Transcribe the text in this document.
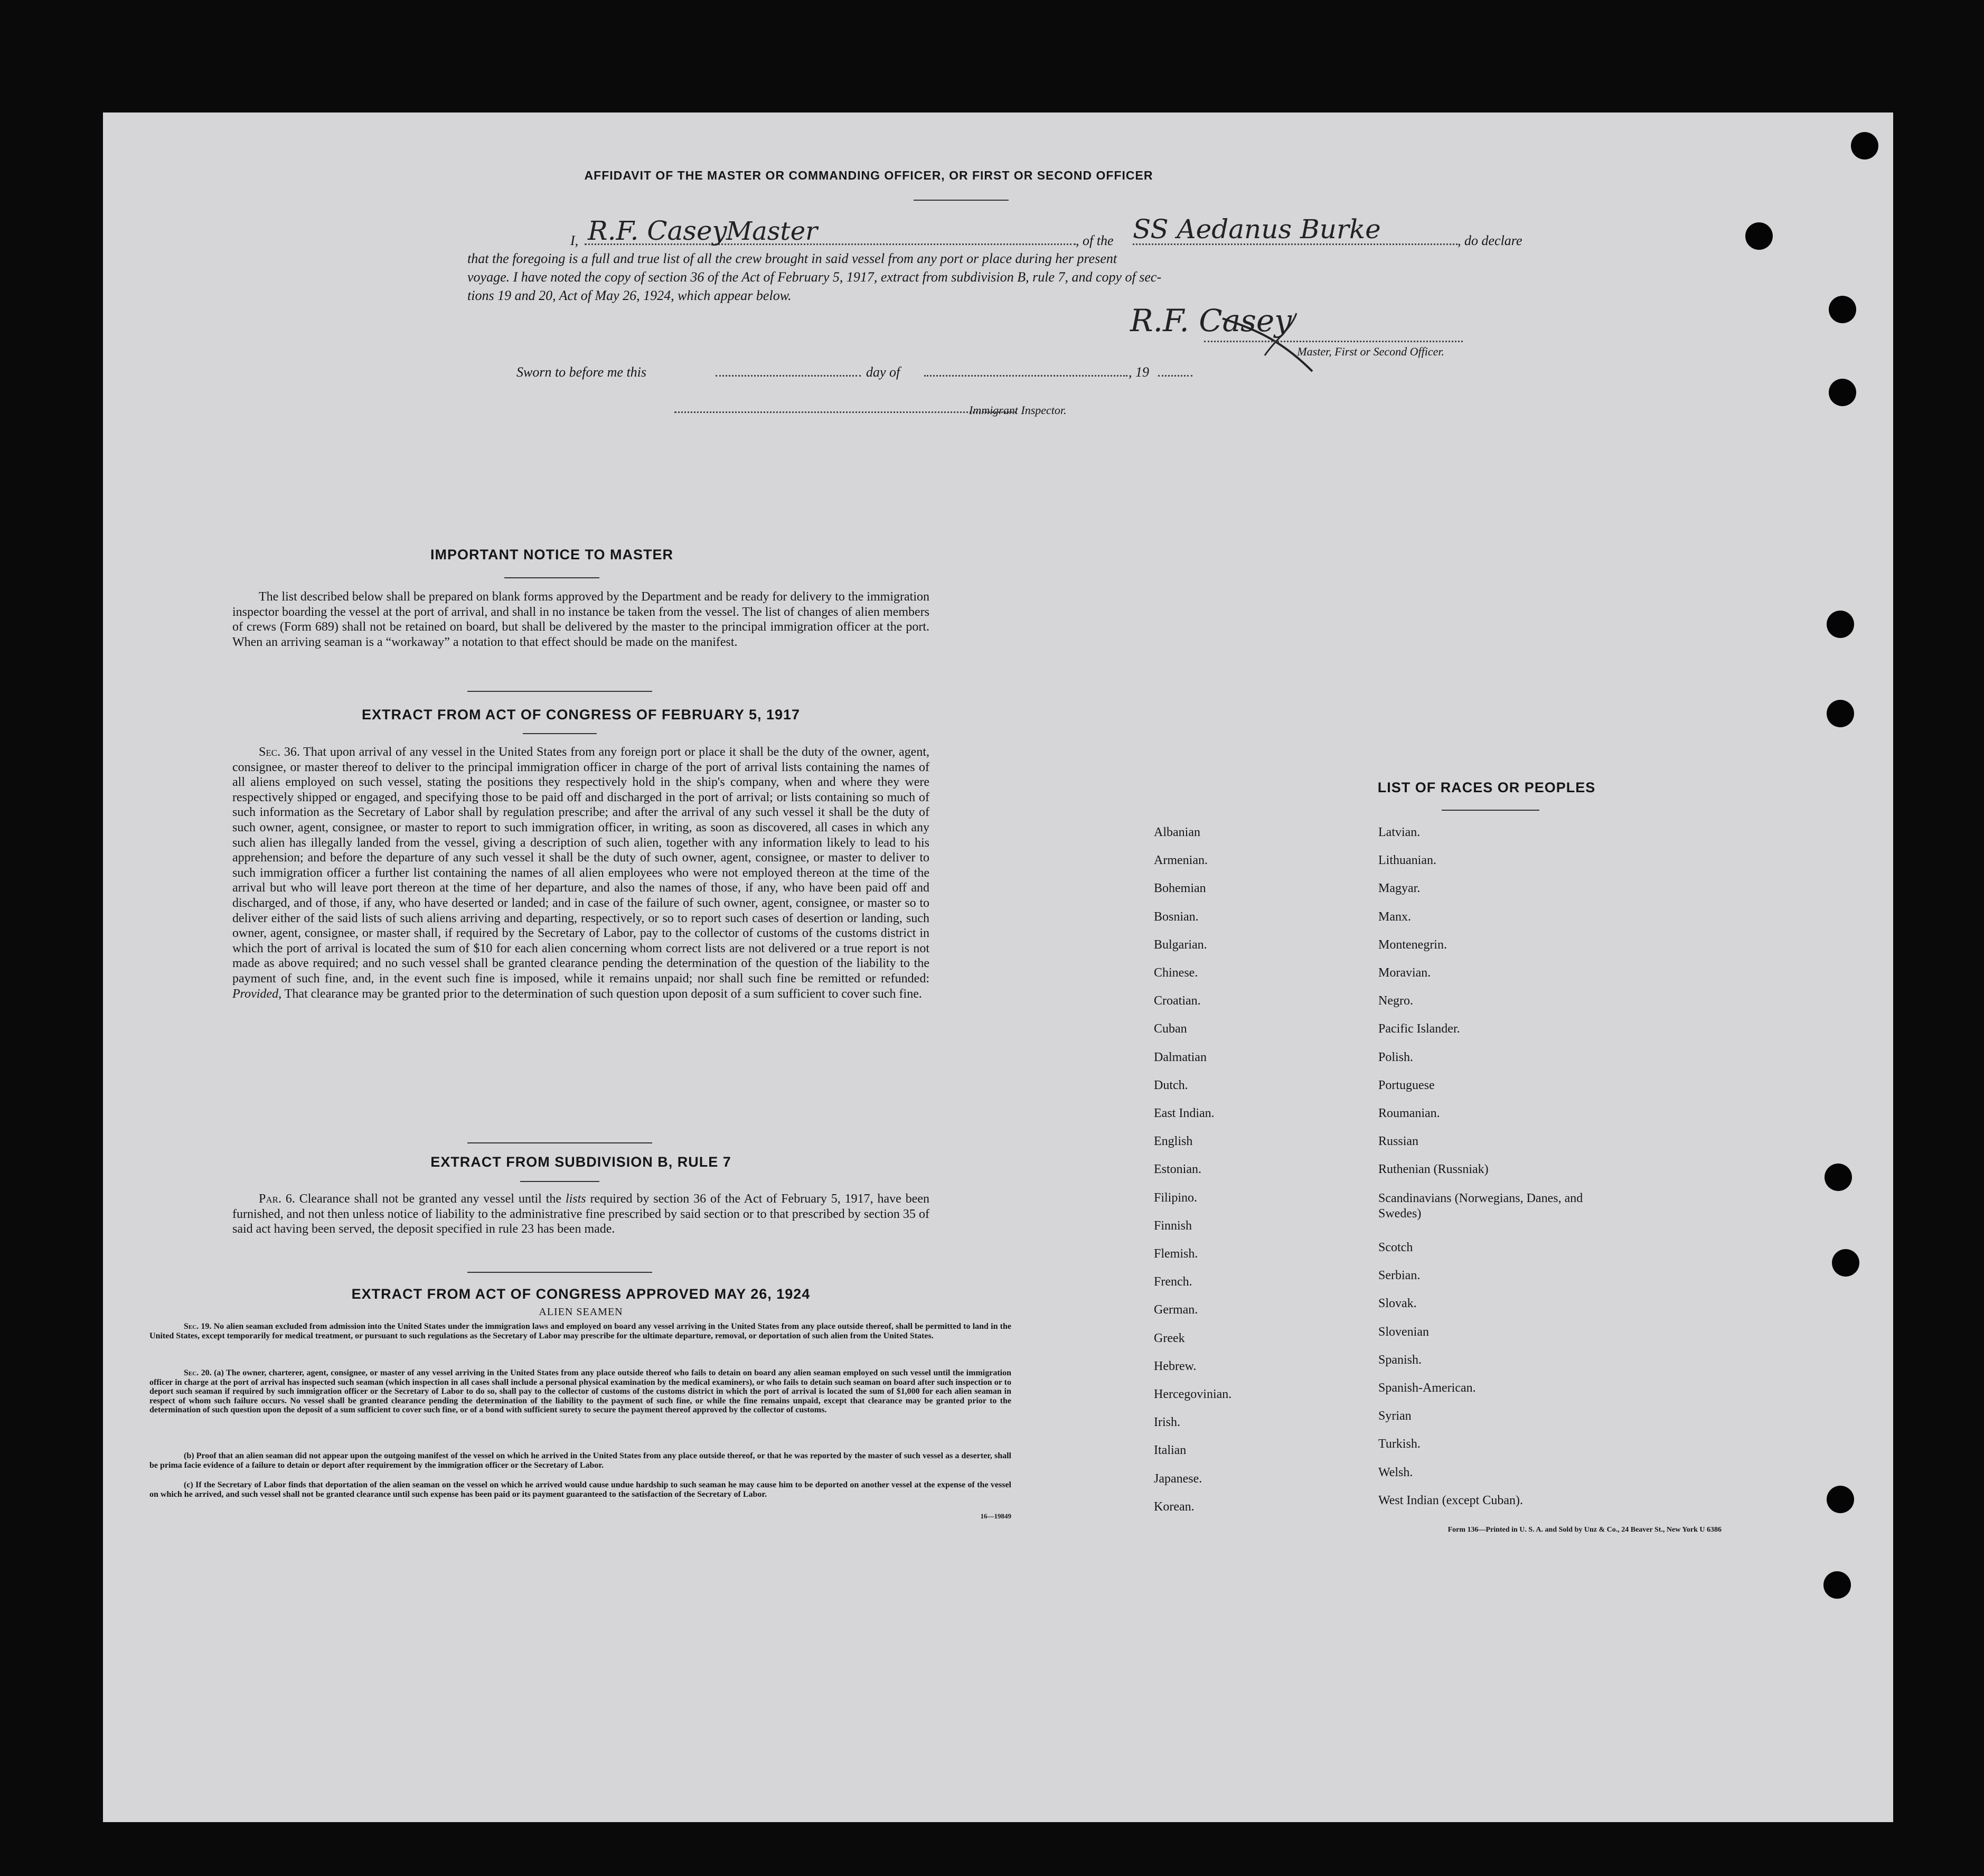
AFFIDAVIT OF THE MASTER OR COMMANDING OFFICER, OR FIRST OR SECOND OFFICER
I, R.F. Casey
Master	, of the SS Aedanus Burke	, do declare
that the foregoing is a full and true list of all the crew brought in said vessel from any port or place during her present
voyage. I have noted the copy of section 36 of the Act of February 5, 1917, extract from subdivision B, rule 7, and copy of sec-
tions 19 and 20, Act of May 26, 1924, which appear below.
R.F. Casey
Master, First or Second Officer.
Sworn to before me this	day of	, 19
Immigrant Inspector.
IMPORTANT NOTICE TO MASTER
The list described below shall be prepared on blank forms approved by the Department and be ready for delivery to the immigration inspector boarding the vessel at the port of arrival, and shall in no instance be taken from the vessel. The list of changes of alien members of crews (Form 689) shall not be retained on board, but shall be delivered by the master to the principal immigration officer at the port. When an arriving seaman is a “workaway” a notation to that effect should be made on the manifest.
EXTRACT FROM ACT OF CONGRESS OF FEBRUARY 5, 1917
Sec. 36. That upon arrival of any vessel in the United States from any foreign port or place it shall be the duty of the owner, agent, consignee, or master thereof to deliver to the principal immigration officer in charge of the port of arrival lists containing the names of all aliens employed on such vessel, stating the positions they respectively hold in the ship's company, when and where they were respectively shipped or engaged, and specifying those to be paid off and discharged in the port of arrival; or lists containing so much of such information as the Secretary of Labor shall by regulation prescribe; and after the arrival of any such vessel it shall be the duty of such owner, agent, consignee, or master to report to such immigration officer, in writing, as soon as discovered, all cases in which any such alien has illegally landed from the vessel, giving a description of such alien, together with any information likely to lead to his apprehension; and before the departure of any such vessel it shall be the duty of such owner, agent, consignee, or master to deliver to such immigration officer a further list containing the names of all alien employees who were not employed thereon at the time of the arrival but who will leave port thereon at the time of her departure, and also the names of those, if any, who have been paid off and discharged, and of those, if any, who have deserted or landed; and in case of the failure of such owner, agent, consignee, or master so to deliver either of the said lists of such aliens arriving and departing, respectively, or so to report such cases of desertion or landing, such owner, agent, consignee, or master shall, if required by the Secretary of Labor, pay to the collector of customs of the customs district in which the port of arrival is located the sum of $10 for each alien concerning whom correct lists are not delivered or a true report is not made as above required; and no such vessel shall be granted clearance pending the determination of the question of the liability to the payment of such fine, and, in the event such fine is imposed, while it remains unpaid; nor shall such fine be remitted or refunded: Provided, That clearance may be granted prior to the determination of such question upon deposit of a sum sufficient to cover such fine.
EXTRACT FROM SUBDIVISION B, RULE 7
Par. 6. Clearance shall not be granted any vessel until the lists required by section 36 of the Act of February 5, 1917, have been furnished, and not then unless notice of liability to the administrative fine prescribed by said section or to that prescribed by section 35 of said act having been served, the deposit specified in rule 23 has been made.
EXTRACT FROM ACT OF CONGRESS APPROVED MAY 26, 1924
ALIEN SEAMEN
Sec. 19. No alien seaman excluded from admission into the United States under the immigration laws and employed on board any vessel arriving in the United States from any place outside thereof, shall be permitted to land in the United States, except temporarily for medical treatment, or pursuant to such regulations as the Secretary of Labor may prescribe for the ultimate departure, removal, or deportation of such alien from the United States.
Sec. 20. (a) The owner, charterer, agent, consignee, or master of any vessel arriving in the United States from any place outside thereof who fails to detain on board any alien seaman employed on such vessel until the immigration officer in charge at the port of arrival has inspected such seaman (which inspection in all cases shall include a personal physical examination by the medical examiners), or who fails to detain such seaman on board after such inspection or to deport such seaman if required by such immigration officer or the Secretary of Labor to do so, shall pay to the collector of customs of the customs district in which the port of arrival is located the sum of $1,000 for each alien seaman in respect of whom such failure occurs. No vessel shall be granted clearance pending the determination of the liability to the payment of such fine, or while the fine remains unpaid, except that clearance may be granted prior to the determination of such question upon the deposit of a sum sufficient to cover such fine, or of a bond with sufficient surety to secure the payment thereof approved by the collector of customs.
(b) Proof that an alien seaman did not appear upon the outgoing manifest of the vessel on which he arrived in the United States from any place outside thereof, or that he was reported by the master of such vessel as a deserter, shall be prima facie evidence of a failure to detain or deport after requirement by the immigration officer or the Secretary of Labor.
(c) If the Secretary of Labor finds that deportation of the alien seaman on the vessel on which he arrived would cause undue hardship to such seaman he may cause him to be deported on another vessel at the expense of the vessel on which he arrived, and such vessel shall not be granted clearance until such expense has been paid or its payment guaranteed to the satisfaction of the Secretary of Labor.
16—19849
LIST OF RACES OR PEOPLES
Albanian
Armenian.
Bohemian
Bosnian.
Bulgarian.
Chinese.
Croatian.
Cuban
Dalmatian
Dutch.
East Indian.
English
Estonian.
Filipino.
Finnish
Flemish.
French.
German.
Greek
Hebrew.
Hercegovinian.
Irish.
Italian
Japanese.
Korean.
Latvian.
Lithuanian.
Magyar.
Manx.
Montenegrin.
Moravian.
Negro.
Pacific Islander.
Polish.
Portuguese
Roumanian.
Russian
Ruthenian (Russniak)
Scandinavians (Norwegians, Danes, and Swedes)
Scotch
Serbian.
Slovak.
Slovenian
Spanish.
Spanish-American.
Syrian
Turkish.
Welsh.
West Indian (except Cuban).
Form 136—Printed in U. S. A. and Sold by Unz & Co., 24 Beaver St., New York U 6386
